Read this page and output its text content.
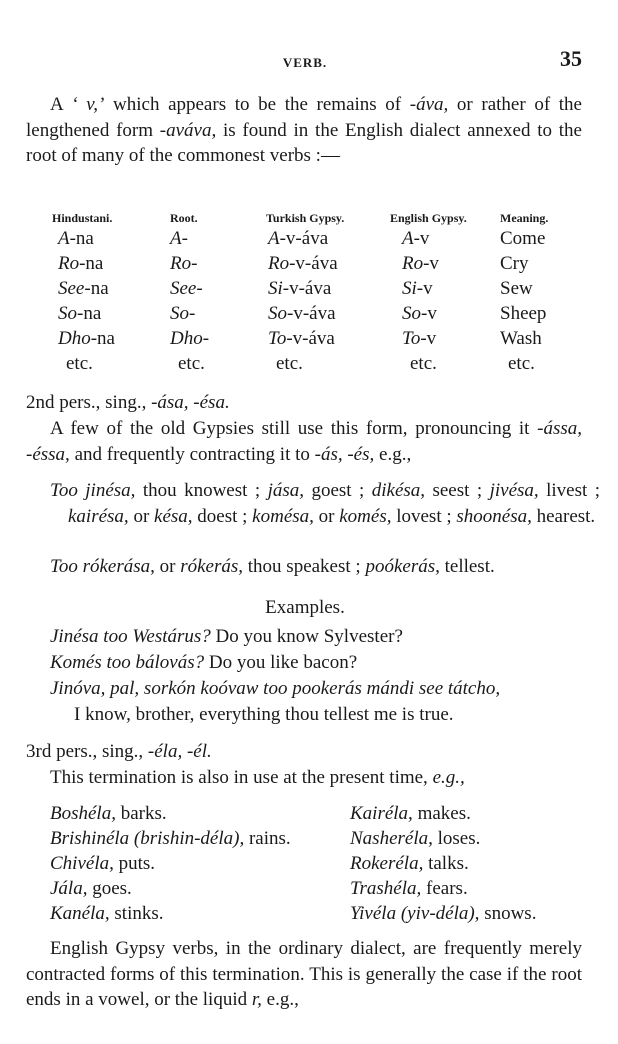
VERB.	35
A ‘ v,’ which appears to be the remains of -áva, or rather of the lengthened form -aváva, is found in the English dialect annexed to the root of many of the commonest verbs :—
Hindustani.	Root.	Turkish Gypsy.	English Gypsy.	Meaning.
A-na	A-	A-v-áva	A-v	Come
Ro-na	Ro-	Ro-v-áva	Ro-v	Cry
See-na	See-	Si-v-áva	Si-v	Sew
So-na	So-	So-v-áva	So-v	Sheep
Dho-na	Dho-	To-v-áva	To-v	Wash
etc.	etc.	etc.	etc.	etc.
2nd pers., sing., -ása, -ésa.
A few of the old Gypsies still use this form, pronouncing it -ássa, -éssa, and frequently contracting it to -ás, -és, e.g.,
Too jinésa, thou knowest ; jása, goest ; dikésa, seest ; jivésa, livest ; kairésa, or késa, doest ; komésa, or komés, lovest ; shoonésa, hearest.
Too rókerása, or rókerás, thou speakest ; poókerás, tellest.
Examples.
Jinésa too Westárus? Do you know Sylvester?
Komés too bálovás? Do you like bacon?
Jinóva, pal, sorkón koóvaw too pookerás mándi see tátcho,
I know, brother, everything thou tellest me is true.
3rd pers., sing., -éla, -él.
This termination is also in use at the present time, e.g.,
Boshéla, barks.	Kairéla, makes.
Brishinéla (brishin-déla), rains.	Nasheréla, loses.
Chivéla, puts.	Rokeréla, talks.
Jála, goes.	Trashéla, fears.
Kanéla, stinks.	Yivéla (yiv-déla), snows.
English Gypsy verbs, in the ordinary dialect, are frequently merely contracted forms of this termination. This is generally the case if the root ends in a vowel, or the liquid r, e.g.,
